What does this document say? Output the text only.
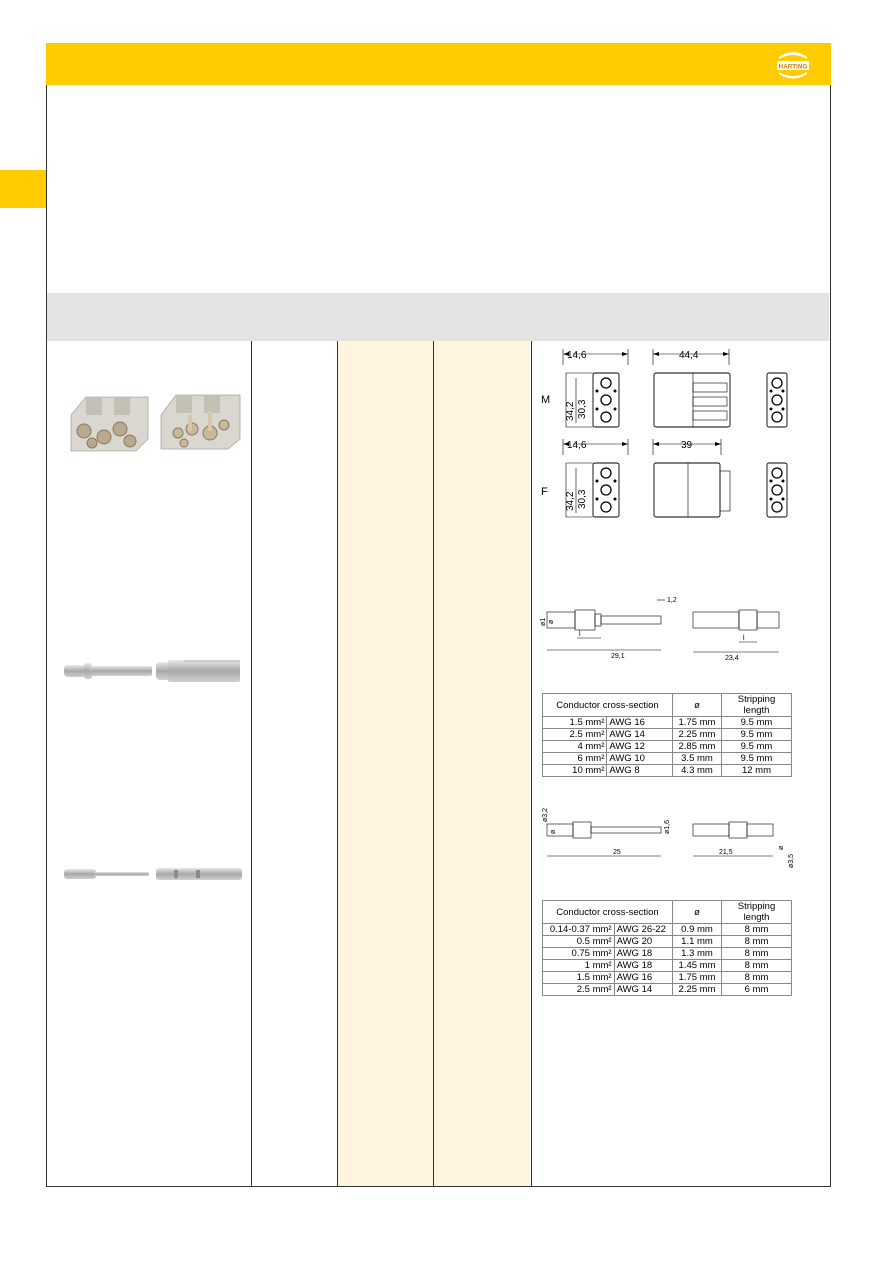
HARTING
14,6	44,4
M
34,2 30,3
14,6	39
F 34,2 30,3
l
29,1
1,2
ø1 ø
l
23,4
Conductor cross-section		ø	Stripping length
1.5 mm²	AWG 16	1.75 mm	9.5 mm
2.5 mm²	AWG 14	2.25 mm	9.5 mm
4 mm²	AWG 12	2.85 mm	9.5 mm
6 mm²	AWG 10	3.5 mm	9.5 mm
10 mm²	AWG 8	4.3 mm	12 mm
25
ø1,6
ø3,2
ø
21,5
ø3,5
ø
Conductor cross-section		ø	Stripping length
0.14-0.37 mm²	AWG 26-22	0.9 mm	8 mm
0.5 mm²	AWG 20	1.1 mm	8 mm
0.75 mm²	AWG 18	1.3 mm	8 mm
1 mm²	AWG 18	1.45 mm	8 mm
1.5 mm²	AWG 16	1.75 mm	8 mm
2.5 mm²	AWG 14	2.25 mm	6 mm
